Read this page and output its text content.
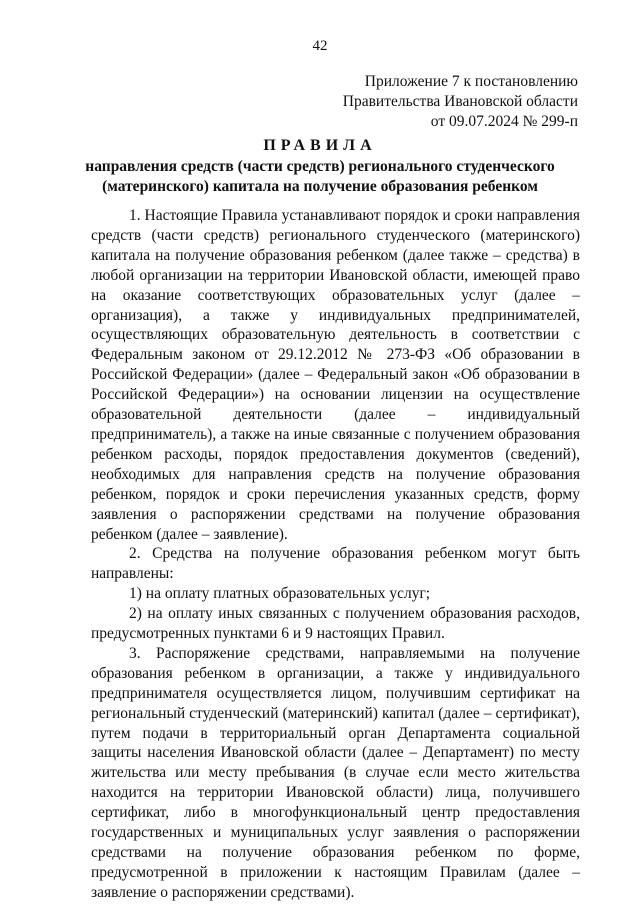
42
Приложение 7 к постановлению
Правительства Ивановской области
от 09.07.2024 № 299-п
ПРАВИЛА
направления средств (части средств) регионального студенческого
(материнского) капитала на получение образования ребенком

1. Настоящие Правила устанавливают порядок и сроки направления средств (части средств) регионального студенческого (материнского) капитала на получение образования ребенком (далее также – средства) в любой организации на территории Ивановской области, имеющей право на оказание соответствующих образовательных услуг (далее – организация), а также у индивидуальных предпринимателей, осуществляющих образовательную деятельность в соответствии с Федеральным законом от 29.12.2012 № 273-ФЗ «Об образовании в Российской Федерации» (далее – Федеральный закон «Об образовании в Российской Федерации») на основании лицензии на осуществление образовательной деятельности (далее – индивидуальный предприниматель), а также на иные связанные с получением образования ребенком расходы, порядок предоставления документов (сведений), необходимых для направления средств на получение образования ребенком, порядок и сроки перечисления указанных средств, форму заявления о распоряжении средствами на получение образования ребенком (далее – заявление).

2. Средства на получение образования ребенком могут быть направлены:

1) на оплату платных образовательных услуг;

2) на оплату иных связанных с получением образования расходов, предусмотренных пунктами 6 и 9 настоящих Правил.

3. Распоряжение средствами, направляемыми на получение образования ребенком в организации, а также у индивидуального предпринимателя осуществляется лицом, получившим сертификат на региональный студенческий (материнский) капитал (далее – сертификат), путем подачи в территориальный орган Департамента социальной защиты населения Ивановской области (далее – Департамент) по месту жительства или месту пребывания (в случае если место жительства находится на территории Ивановской области) лица, получившего сертификат, либо в многофункциональный центр предоставления государственных и муниципальных услуг заявления о распоряжении средствами на получение образования ребенком по форме, предусмотренной в приложении к настоящим Правилам (далее – заявление о распоряжении средствами).
